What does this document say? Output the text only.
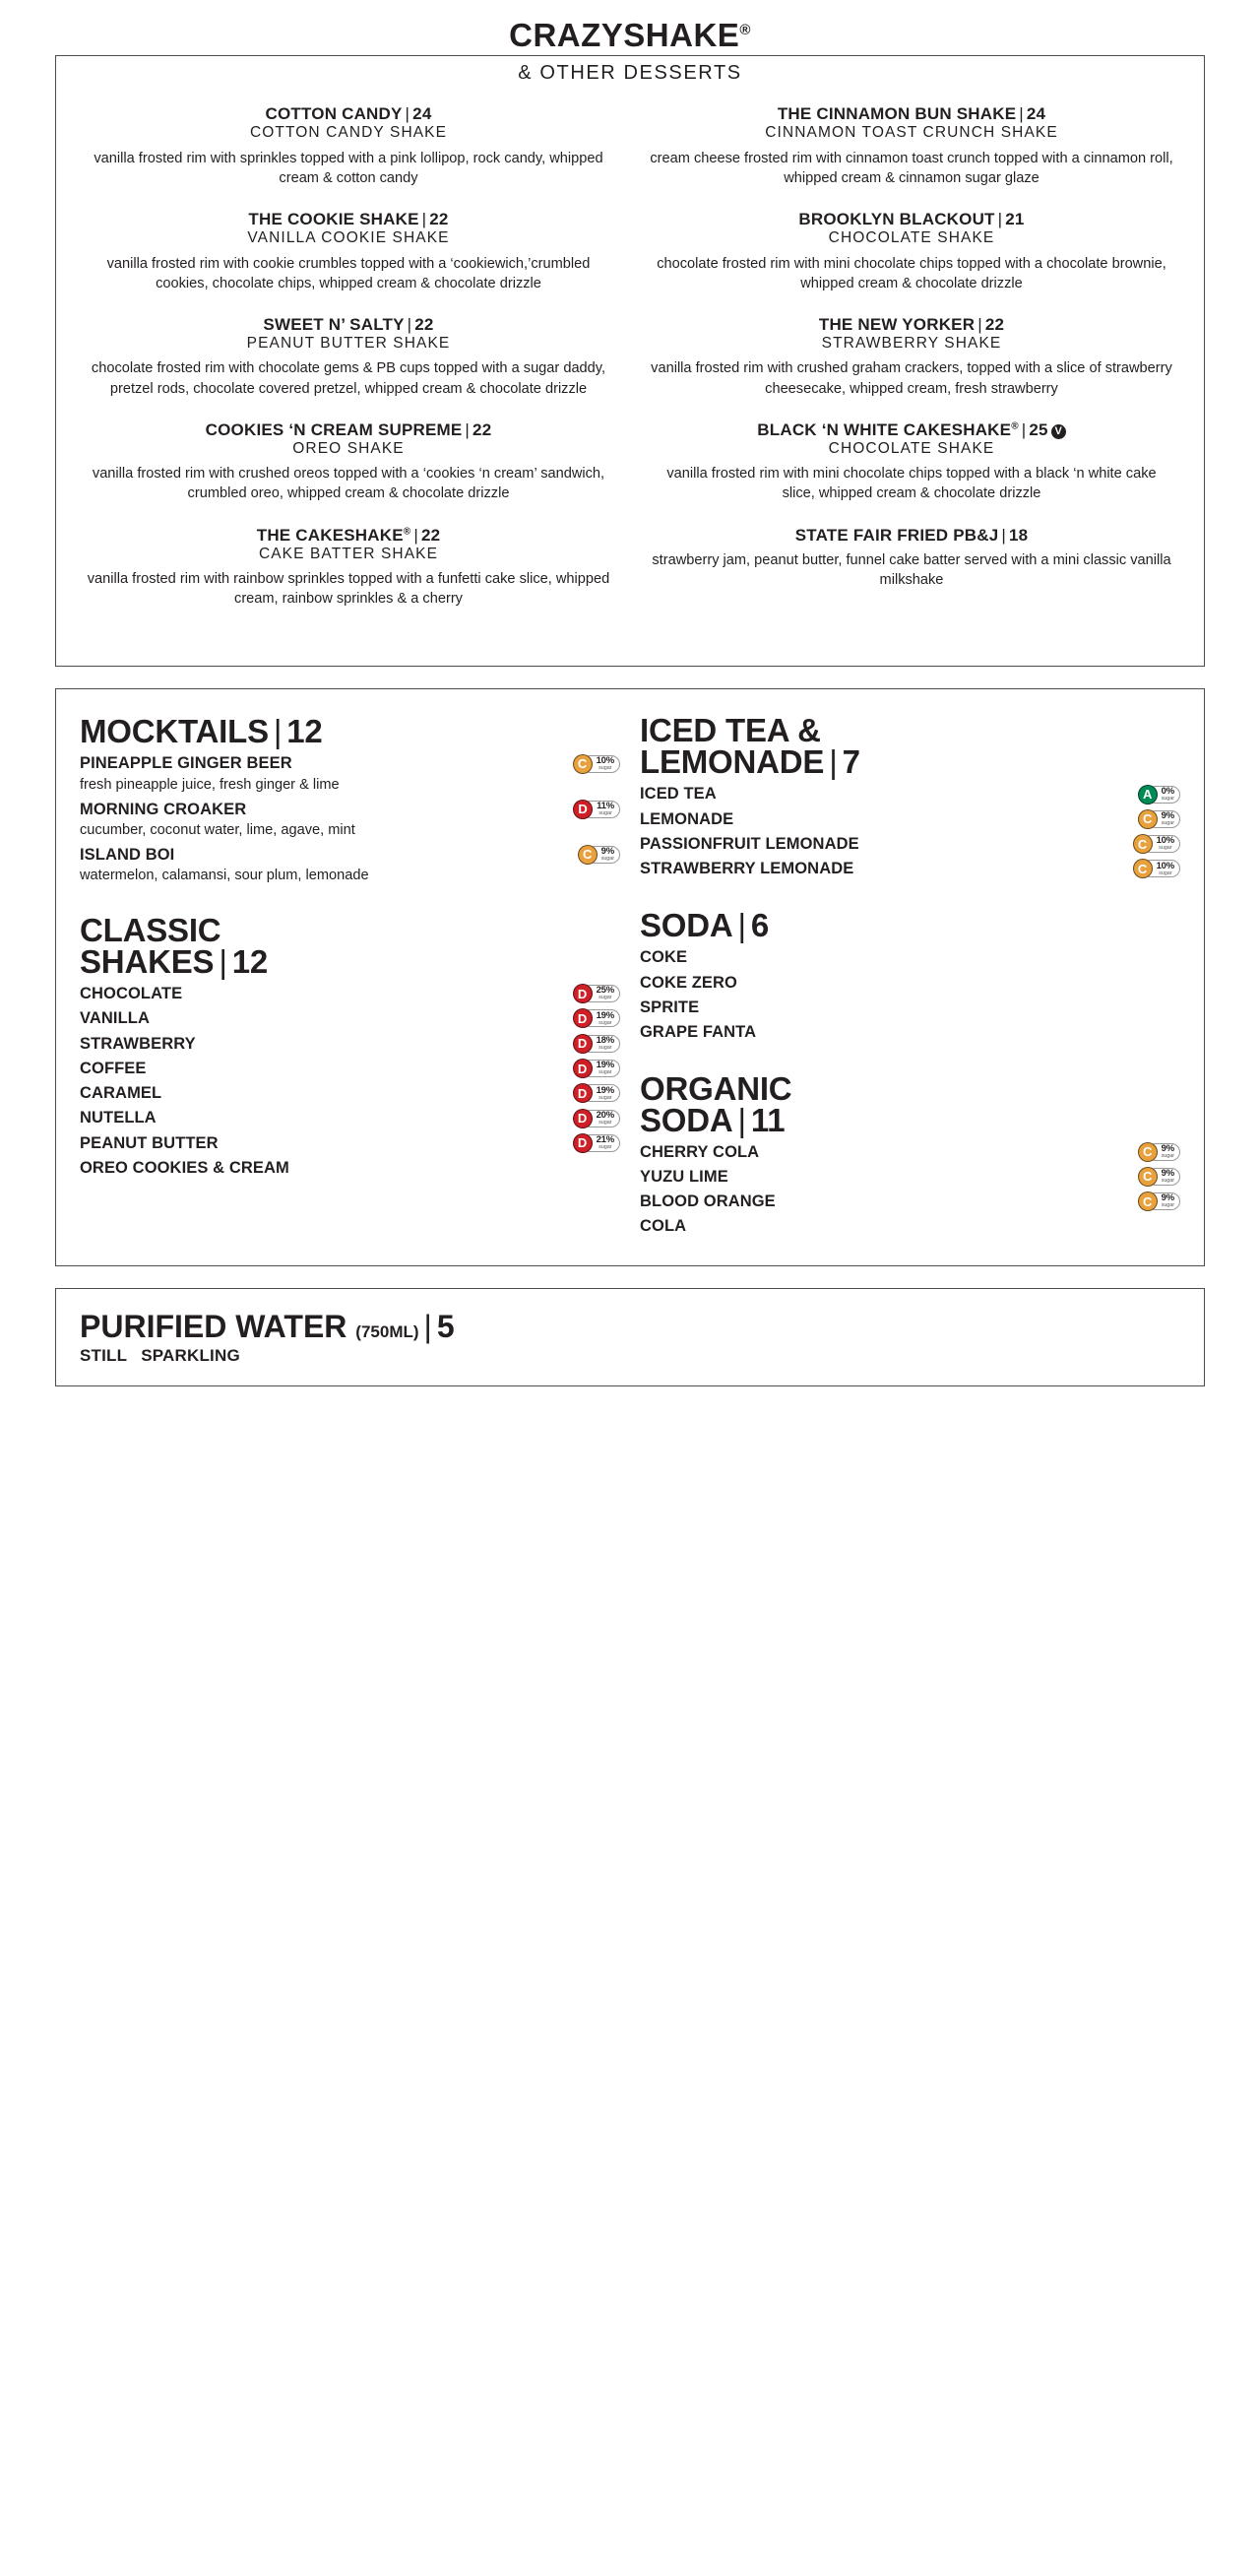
CRAZYSHAKE®
& OTHER DESSERTS
COTTON CANDY | 24
COTTON CANDY SHAKE
vanilla frosted rim with sprinkles topped with a pink lollipop, rock candy, whipped cream & cotton candy
THE COOKIE SHAKE | 22
VANILLA COOKIE SHAKE
vanilla frosted rim with cookie crumbles topped with a ‘cookiewich,’crumbled cookies, chocolate chips, whipped cream & chocolate drizzle
SWEET N’ SALTY | 22
PEANUT BUTTER SHAKE
chocolate frosted rim with chocolate gems & PB cups topped with a sugar daddy, pretzel rods, chocolate covered pretzel, whipped cream & chocolate drizzle
COOKIES ‘N CREAM SUPREME | 22
OREO SHAKE
vanilla frosted rim with crushed oreos topped with a ‘cookies ‘n cream’ sandwich, crumbled oreo, whipped cream & chocolate drizzle
THE CAKESHAKE® | 22
CAKE BATTER SHAKE
vanilla frosted rim with rainbow sprinkles topped with a funfetti cake slice, whipped cream, rainbow sprinkles & a cherry
THE CINNAMON BUN SHAKE | 24
CINNAMON TOAST CRUNCH SHAKE
cream cheese frosted rim with cinnamon toast crunch topped with a cinnamon roll, whipped cream & cinnamon sugar glaze
BROOKLYN BLACKOUT | 21
CHOCOLATE SHAKE
chocolate frosted rim with mini chocolate chips topped with a chocolate brownie, whipped cream & chocolate drizzle
THE NEW YORKER | 22
STRAWBERRY SHAKE
vanilla frosted rim with crushed graham crackers, topped with a slice of strawberry cheesecake, whipped cream, fresh strawberry
BLACK ‘N WHITE CAKESHAKE® | 25 V
CHOCOLATE SHAKE
vanilla frosted rim with mini chocolate chips topped with a black ‘n white cake slice, whipped cream & chocolate drizzle
STATE FAIR FRIED PB&J | 18
strawberry jam, peanut butter, funnel cake batter served with a mini classic vanilla milkshake
MOCKTAILS | 12
PINEAPPLE GINGER BEER	C 10%
sugar
fresh pineapple juice, fresh ginger & lime
MORNING CROAKER	D 11%
sugar
cucumber, coconut water, lime, agave, mint
ISLAND BOI	C 9%
sugar
watermelon, calamansi, sour plum, lemonade
CLASSIC
SHAKES | 12
CHOCOLATE	D 25%
sugar
VANILLA	D 19%
sugar
STRAWBERRY	D 18%
sugar
COFFEE	D 19%
sugar
CARAMEL	D 19%
sugar
NUTELLA	D 20%
sugar
PEANUT BUTTER	D 21%
sugar
OREO COOKIES & CREAM
ICED TEA &
LEMONADE | 7
ICED TEA	A 0%
sugar
LEMONADE	C 9%
sugar
PASSIONFRUIT LEMONADE	C 10%
sugar
STRAWBERRY LEMONADE	C 10%
sugar
SODA | 6
COKE
COKE ZERO
SPRITE
GRAPE FANTA
ORGANIC
SODA | 11
CHERRY COLA	C 9%
sugar
YUZU LIME	C 9%
sugar
BLOOD ORANGE	C 9%
sugar
COLA
PURIFIED WATER (750ML) | 5
STILL SPARKLING
